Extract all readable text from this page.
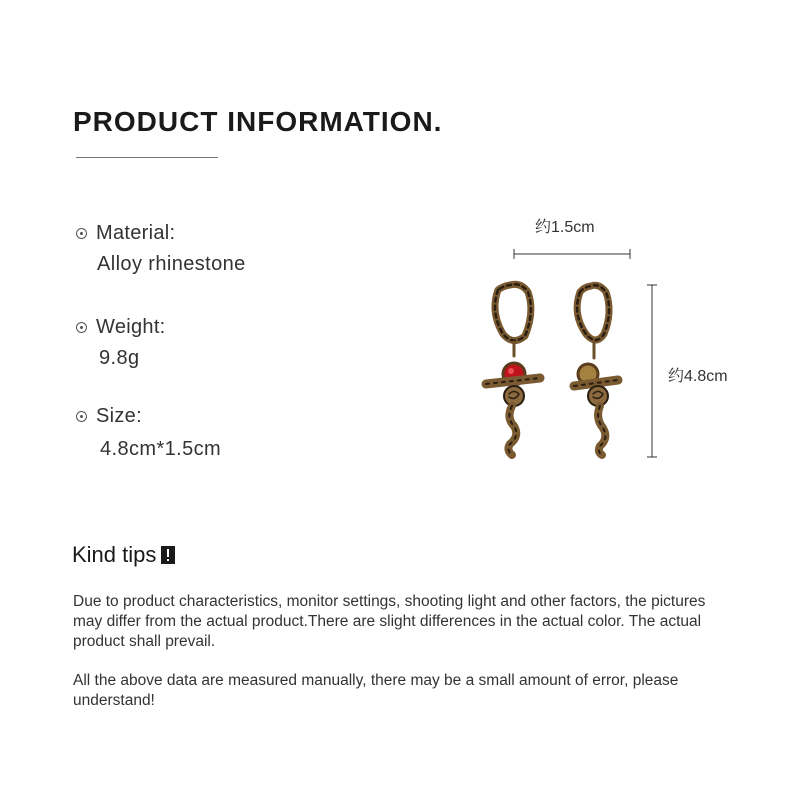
PRODUCT INFORMATION.
Material:
Alloy rhinestone
Weight:
9.8g
Size:
4.8cm*1.5cm
约1.5cm
约4.8cm
Kind tips
Due to product characteristics, monitor settings, shooting light and other factors, the pictures may differ from the actual product.There are slight differences in the actual color. The actual product shall prevail.
All the above data are measured manually, there may be a small amount of error, please understand!
